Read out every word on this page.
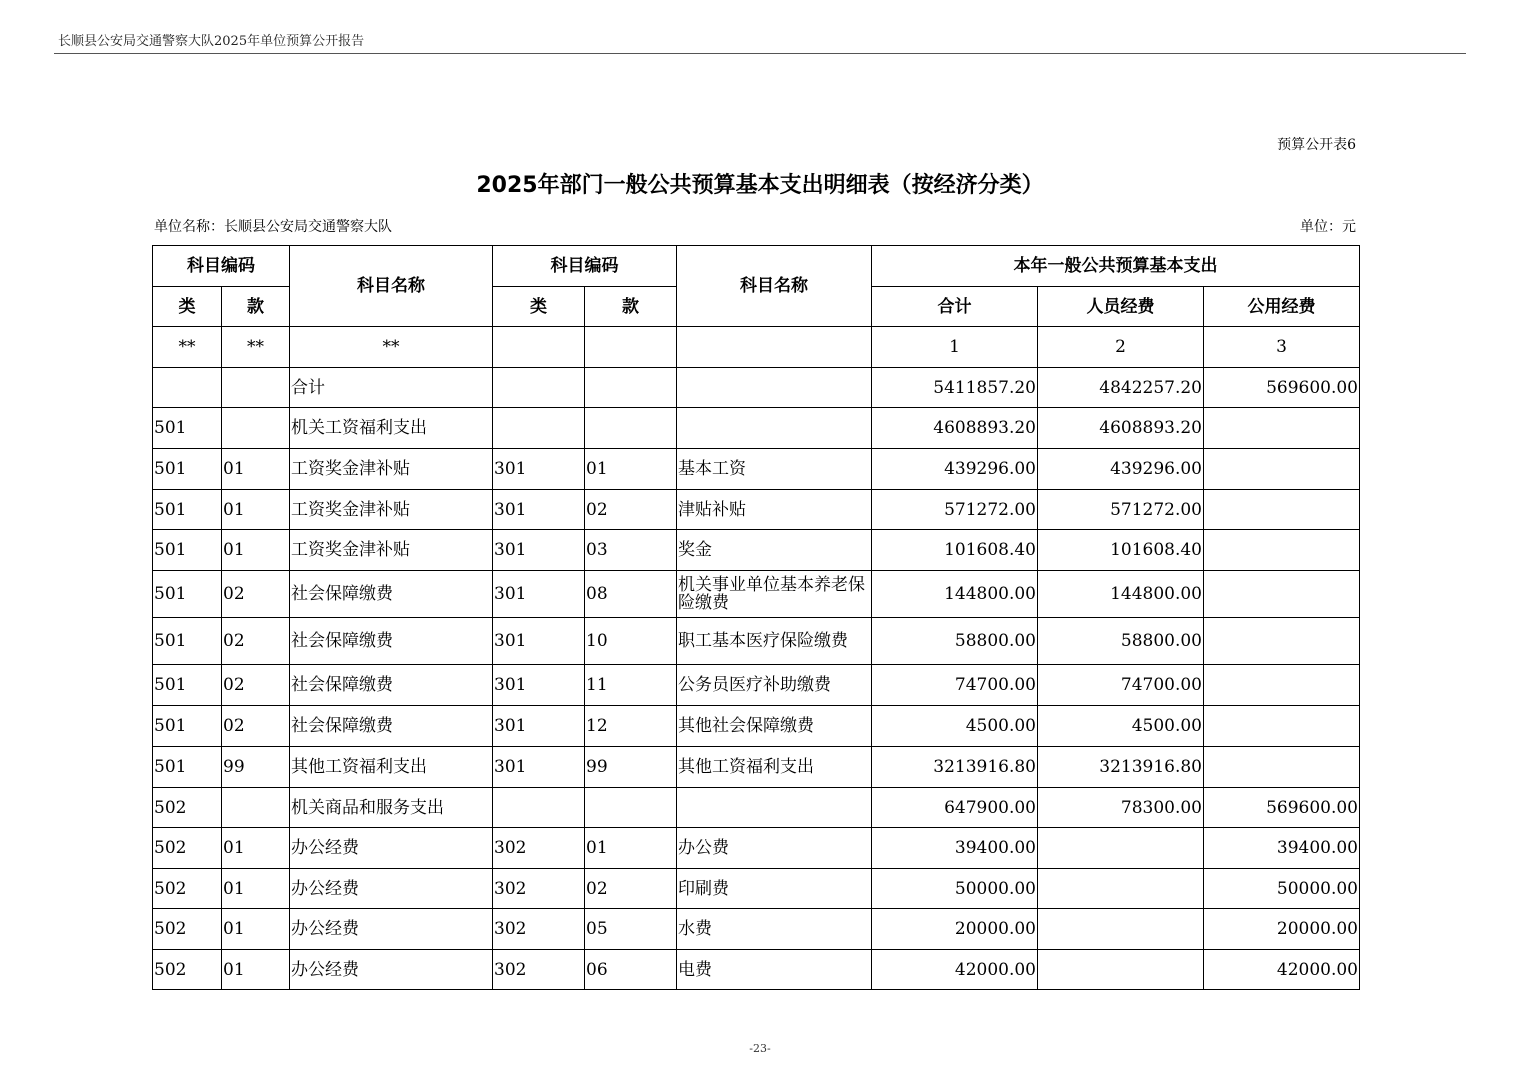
长顺县公安局交通警察大队2025年单位预算公开报告
预算公开表6
2025年部门一般公共预算基本支出明细表（按经济分类）
单位名称：长顺县公安局交通警察大队	单位：元
科目编码		科目名称	科目编码		科目名称	本年一般公共预算基本支出		
类	款		类	款		合计	人员经费	公用经费
**	**	**				1	2	3
		合计				5411857.20	4842257.20	569600.00
501		机关工资福利支出				4608893.20	4608893.20	
501	01	工资奖金津补贴	301	01	基本工资	439296.00	439296.00	
501	01	工资奖金津补贴	301	02	津贴补贴	571272.00	571272.00	
501	01	工资奖金津补贴	301	03	奖金	101608.40	101608.40	
501	02	社会保障缴费	301	08	机关事业单位基本养老保险缴费	144800.00	144800.00	
501	02	社会保障缴费	301	10	职工基本医疗保险缴费	58800.00	58800.00	
501	02	社会保障缴费	301	11	公务员医疗补助缴费	74700.00	74700.00	
501	02	社会保障缴费	301	12	其他社会保障缴费	4500.00	4500.00	
501	99	其他工资福利支出	301	99	其他工资福利支出	3213916.80	3213916.80	
502		机关商品和服务支出				647900.00	78300.00	569600.00
502	01	办公经费	302	01	办公费	39400.00		39400.00
502	01	办公经费	302	02	印刷费	50000.00		50000.00
502	01	办公经费	302	05	水费	20000.00		20000.00
502	01	办公经费	302	06	电费	42000.00		42000.00
-23-
